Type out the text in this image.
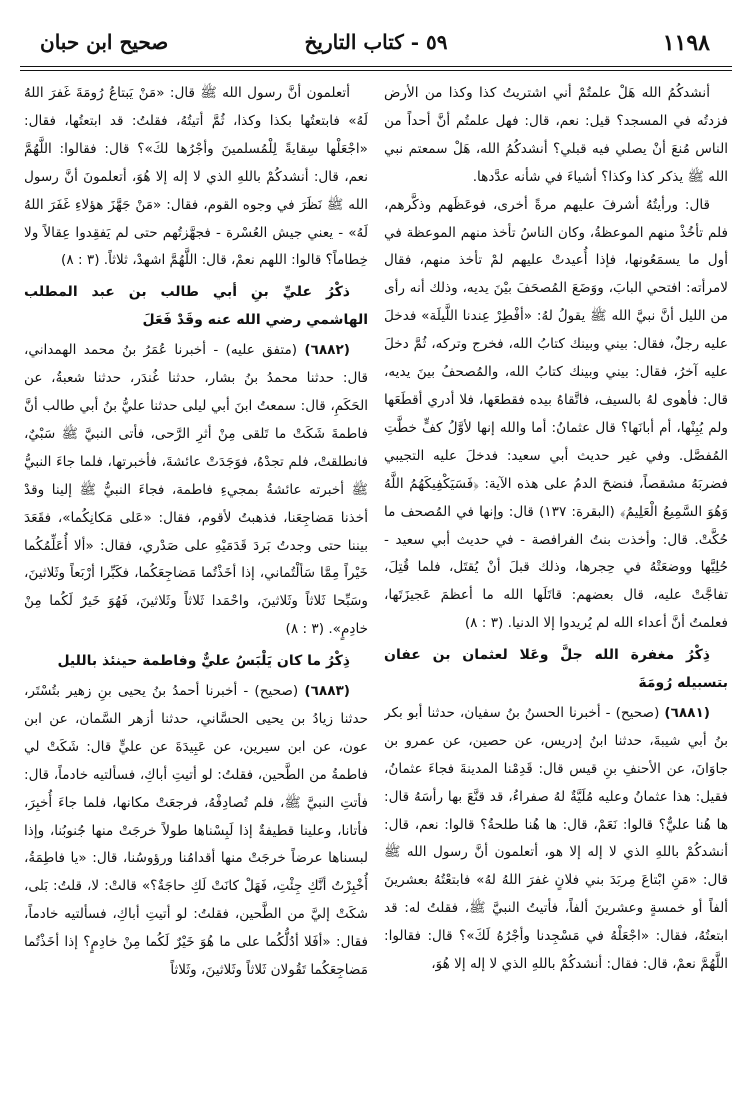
١١٩٨
٥٩ - كتاب التاريخ
صحيح ابن حبان

أنشدكُمُ الله هَلْ علمتُمْ أني اشتريتُ كذا وكذا من الأرض فزدتُه في المسجد؟ قيل: نعم، قال: فهل علمتُم أنَّ أحداً من الناس مُنعَ أنْ يصلي فيه قبلي؟ أنشدكُمُ الله، هَلْ سمعتم نبي الله ﷺ يذكر كذا وكذا؟ أشياءَ في شأنه عدَّدها.

قال: ورأيتُهُ أشرفَ عليهم مرةً أخرى، فوعَظَهم وذكَّرهم، فلم تأخُذْ منهم الموعظةُ، وكان الناسُ تأخذ منهم الموعظة في أول ما يسمَعُونها، فإذا أُعيدتْ عليهم لمْ تأخذ منهم، فقال لامرأته: افتحي البابَ، ووَضَعَ المُصحَفَ بيْنَ يديه، وذلك أنه رأى من الليل أنَّ نبيَّ الله ﷺ يقولُ لهُ: «أفْطِرْ عِندنا اللَّيلَة» فدخلَ عليه رجلٌ، فقال: بيني وبينك كتابُ الله، فخرج وتركه، ثُمَّ دخلَ عليه آخرُ، فقال: بيني وبينك كتابُ الله، والمُصحفُ بينَ يديه، قال: فأهوى لهُ بالسيف، فاتَّقاهُ بيده فقطعَها، فلا أدري أقطَعَها ولم يُبِنْها، أم أبانَها؟ قال عثمانُ: أما والله إنها لأوَّلُ كفٍّ خطَّتِ المُفصَّل. وفي غير حديث أبي سعيد: فدخلَ عليه التجيبي فضربَهُ مشقصاً، فنضحَ الدمُ على هذه الآية: ﴿فَسَيَكْفِيكَهُمُ اللَّهُ وَهُوَ السَّمِيعُ الْعَلِيمُ﴾ (البقرة: ١٣٧) قال: وإنها في المُصحف ما حُكَّتْ. قال: وأخذت بنتُ الفرافصة - في حديث أبي سعيد - حُلِيَّها ووضعَتْهُ في حِجرها، وذلك قبلَ أنْ يُقتَل، فلما قُتِلَ، تفاجَّتْ عليه، قال بعضهم: قاتَلَها الله ما أعظمَ عَجيزَتَها، فعلمتُ أنَّ أعداء الله لم يُريدوا إلا الدنيا. (٣ : ٨)

ذِكْرُ مغفرة الله جلَّ وعَلا لعثمان بن عفان بتسبيله رُومَةَ

(٦٨٨١) (صحيح) - أخبرنا الحسنُ بنُ سفيان، حدثنا أبو بكر بنُ أبي شيبةَ، حدثنا ابنُ إدريس، عن حصين، عن عمرو بن جاوَانَ، عن الأحنفِ بنِ قيس قال: قَدِمْنا المدينةَ فجاءَ عثمانُ، فقيل: هذا عثمانُ وعليه مُلَيَّةٌ لهُ صفراءُ، قد قنَّعَ بها رأسَهُ قال: ها هُنا عليٌّ؟ قالوا: نَعَمْ، قال: ها هُنا طلحةُ؟ قالوا: نعم، قال: أنشدكُمْ باللهِ الذي لا إله إلا هو، أتعلمون أنَّ رسول الله ﷺ قال: «مَنِ ابْتاعَ مِربَدَ بني فلانٍ غفرَ اللهُ لهُ» فابتعْتُهُ بعشرينَ ألفاً أو خمسةٍ وعشرينَ ألفاً، فأتيتُ النبيَّ ﷺ، فقلتُ له: قد ابتعتُهُ، فقال: «اجْعَلْهُ في مَسْجِدنا وأجْرُهُ لَكَ»؟ قال: فقالوا: اللَّهُمَّ نعمْ، قال: فقال: أنشدكُمْ باللهِ الذي لا إله إلا هُوَ،

أتعلمون أنَّ رسول الله ﷺ قال: «مَنْ يَبتاعُ رُومَةَ غَفرَ اللهُ لَهُ» فابتعتُها بكذا وكذا، ثُمَّ أتيتُهُ، فقلتُ: قد ابتعتُها، فقال: «اجْعَلْها سِقايةً لِلْمُسلمينَ وأجْرُها لكَ»؟ قال: فقالوا: اللَّهُمَّ نعم، قال: أنشدكُمْ باللهِ الذي لا إله إلا هُوَ، أتعلمونَ أنَّ رسول الله ﷺ نَظَرَ في وجوه القوم، فقال: «مَنْ جَهَّزَ هؤلاءِ غَفَرَ اللهُ لَهُ» - يعني جيش العُسْرة - فجهَّزتُهم حتى لم يَفقِدوا عِقالاً ولا خِطاماً؟ قالوا: اللهم نعمْ، قال: اللَّهُمَّ اشهدْ، ثلاثاً. (٣ : ٨)

ذكْرُ عليِّ بنِ أبي طالب بن عبد المطلب الهاشمي رضي الله عنه وقَدْ فَعَلَ

(٦٨٨٢) (متفق عليه) - أخبرنا عُمَرُ بنُ محمد الهمداني، قال: حدثنا محمدُ بنُ بشار، حدثنا غُندَر، حدثنا شعبةُ، عن الحَكَمِ، قال: سمعتُ ابنَ أبي ليلى حدثنا عليُّ بنُ أبي طالب أنَّ فاطمةَ شَكَتْ ما تَلقى مِنْ أثرِ الرَّحى، فأتى النبيَّ ﷺ سَبْيٌ، فانطلقتْ، فلم تجدْهُ، فوَجَدَتْ عائشةَ، فأخبرتها، فلما جاءَ النبيُّ ﷺ أخبرته عائشةُ بمجيءِ فاطمة، فجاءَ النبيُّ ﷺ إلينا وقدْ أخذنا مَضاجِعَنا، فذهبتُ لأقوم، فقال: «عَلى مَكانِكُما»، فقَعَدَ بيننا حتى وجدتُ بَردَ قَدَمَيْهِ على صَدْري، فقال: «ألا أُعَلِّمُكُما خَيْراً مِمَّا سَألْتُماني، إذا أخَذْتُما مَضاجِعَكُما، فكَبِّرا أرْبَعاً وثَلاثينَ، وسَبِّحا ثَلاثاً وثَلاثينَ، واحْمَدا ثَلاثاً وثَلاثينَ، فَهُوَ خَيرٌ لَكُما مِنْ خادِمٍ». (٣ : ٨)

ذِكْرُ ما كان يَلْبَسُ عليٌّ وفاطمة حينئذ بالليل

(٦٨٨٣) (صحيح) - أخبرنا أحمدُ بنُ يحيى بنِ زهير بتُسْتَر، حدثنا زيادُ بن يحيى الحسَّاني، حدثنا أزهر السَّمان، عن ابن عون، عن ابن سيرين، عن عَبِيدَةَ عن عليٍّ قال: شَكَتْ لي فاطمةُ من الطَّحين، فقلتُ: لو أتيتِ أباكِ، فسألتيه خادماً، قال: فأتتِ النبيَّ ﷺ، فلم تُصادِفْهُ، فرجعَتْ مكانها، فلما جاءَ أُخبِرَ، فأتانا، وعلينا قطيفةٌ إذا لَبِسْناها طولاً خرجَتْ منها جُنوبُنا، وإذا لبسناها عرضاً خرجَتْ منها أقدامُنا ورؤوسُنا، قال: «يا فاطِمَةُ، أُخْبِرْتُ أنَّكِ جِئْتِ، فَهَلْ كانَتْ لَكِ حاجَةٌ؟» قالتْ: لا، قلتُ: بَلى، شكَتْ إليَّ من الطَّحين، فقلتُ: لو أتيتِ أباكِ، فسألتيه خادماً، فقال: «أفَلا أدُلُّكُما على ما هُوَ خَيْرٌ لَكُما مِنْ خادِمٍ؟ إذا أخَذْتُما مَضاجِعَكُما تَقُولان ثَلاثاً وثَلاثينَ، وثَلاثاً
